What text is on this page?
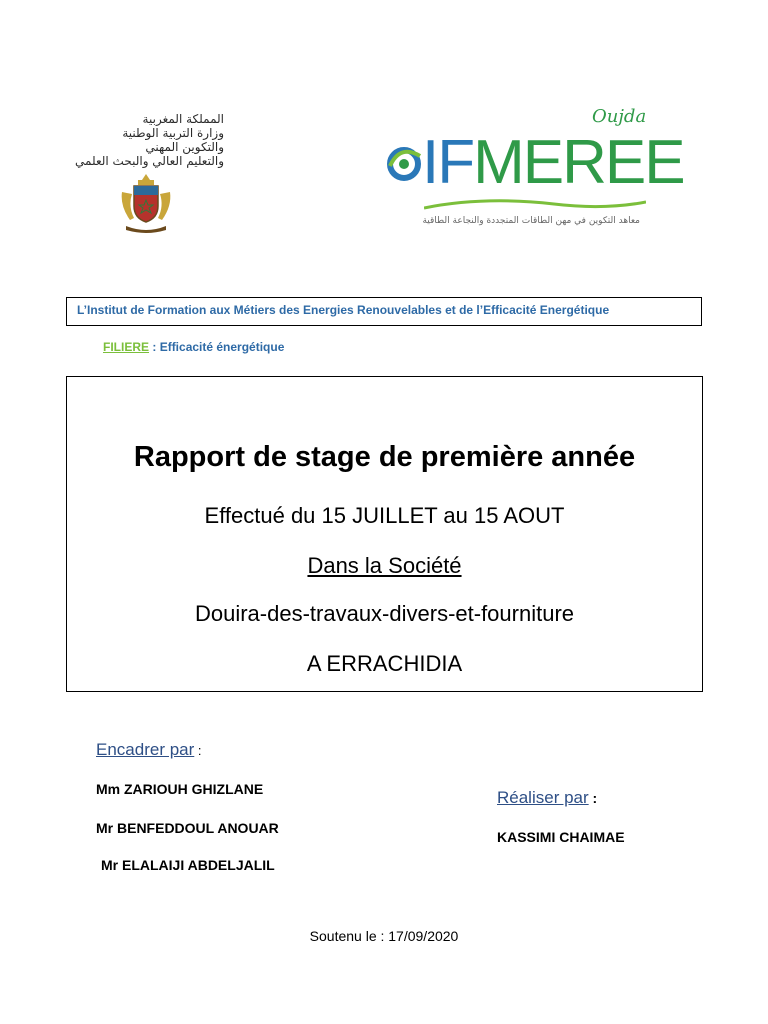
المملكة المغربية
وزارة التربية الوطنية
والتكوين المهني
والتعليم العالي والبحث العلمي
Oujda
IFMEREE
معاهد التكوين في مهن الطاقات المتجددة والنجاعة الطاقية
L’Institut de Formation aux Métiers des Energies Renouvelables et de l’Efficacité Energétique
FILIERE : Efficacité énergétique
Rapport de stage de première année
Effectué du 15 JUILLET au 15 AOUT
Dans la Société
Douira-des-travaux-divers-et-fourniture
A ERRACHIDIA
Encadrer par :
Mm ZARIOUH GHIZLANE
Mr BENFEDDOUL ANOUAR
Mr ELALAIJI ABDELJALIL
Réaliser par :
KASSIMI CHAIMAE
Soutenu le : 17/09/2020
